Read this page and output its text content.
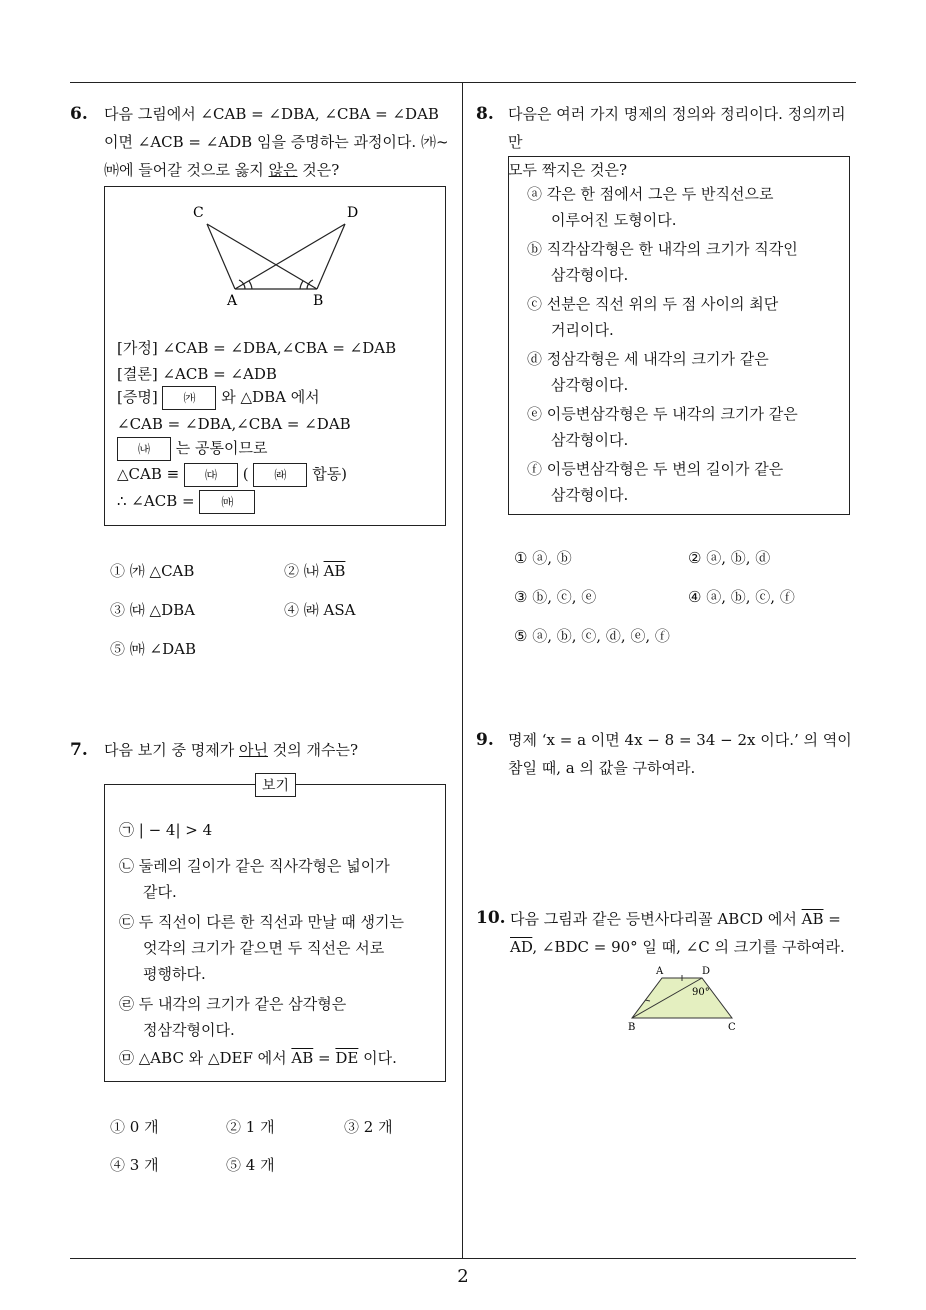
2
6. 다음 그림에서 ∠CAB = ∠DBA, ∠CBA = ∠DAB
이면 ∠ACB = ∠ADB 임을 증명하는 과정이다. ㈎~
㈒에 들어갈 것으로 옳지 않은 것은?
C	D
A	B
[가정] ∠CAB = ∠DBA,∠CBA = ∠DAB
[결론] ∠ACB = ∠ADB
[증명] ㈎ 와 △DBA 에서
∠CAB = ∠DBA,∠CBA = ∠DAB
㈏ 는 공통이므로
△CAB ≡ ㈐ ( ㈑ 합동)
∴ ∠ACB = ㈒
① ㈎ △CAB	② ㈏ $\overline{AB}$
③ ㈐ △DBA	④ ㈑ ASA
⑤ ㈒ ∠DAB
7. 다음 보기 중 명제가 아닌 것의 개수는?
보기
㉠ | − 4| > 4
㉡ 둘레의 길이가 같은 직사각형은 넓이가
같다.
㉢ 두 직선이 다른 한 직선과 만날 때 생기는
엇각의 크기가 같으면 두 직선은 서로
평행하다.
㉣ 두 내각의 크기가 같은 삼각형은
정삼각형이다.
㉤ △ABC 와 △DEF 에서 $\overline{AB} = \overline{DE}$ 이다.
① 0 개	② 1 개	③ 2 개
④ 3 개	⑤ 4 개
8. 다음은 여러 가지 명제의 정의와 정리이다. 정의끼리만
모두 짝지은 것은?
ⓐ 각은 한 점에서 그은 두 반직선으로
이루어진 도형이다.
ⓑ 직각삼각형은 한 내각의 크기가 직각인
삼각형이다.
ⓒ 선분은 직선 위의 두 점 사이의 최단
거리이다.
ⓓ 정삼각형은 세 내각의 크기가 같은
삼각형이다.
ⓔ 이등변삼각형은 두 내각의 크기가 같은
삼각형이다.
ⓕ 이등변삼각형은 두 변의 길이가 같은
삼각형이다.
① ⓐ, ⓑ	② ⓐ, ⓑ, ⓓ
③ ⓑ, ⓒ, ⓔ	④ ⓐ, ⓑ, ⓒ, ⓕ
⑤ ⓐ, ⓑ, ⓒ, ⓓ, ⓔ, ⓕ
9. 명제 ‘x = a 이면 4x − 8 = 34 − 2x 이다.’ 의 역이
참일 때, a 의 값을 구하여라.
10. 다음 그림과 같은 등변사다리꼴 ABCD 에서 $\overline{AB}$ =
$\overline{AD}$, ∠BDC = 90° 일 때, ∠C 의 크기를 구하여라.
A	D
B	C
90°
